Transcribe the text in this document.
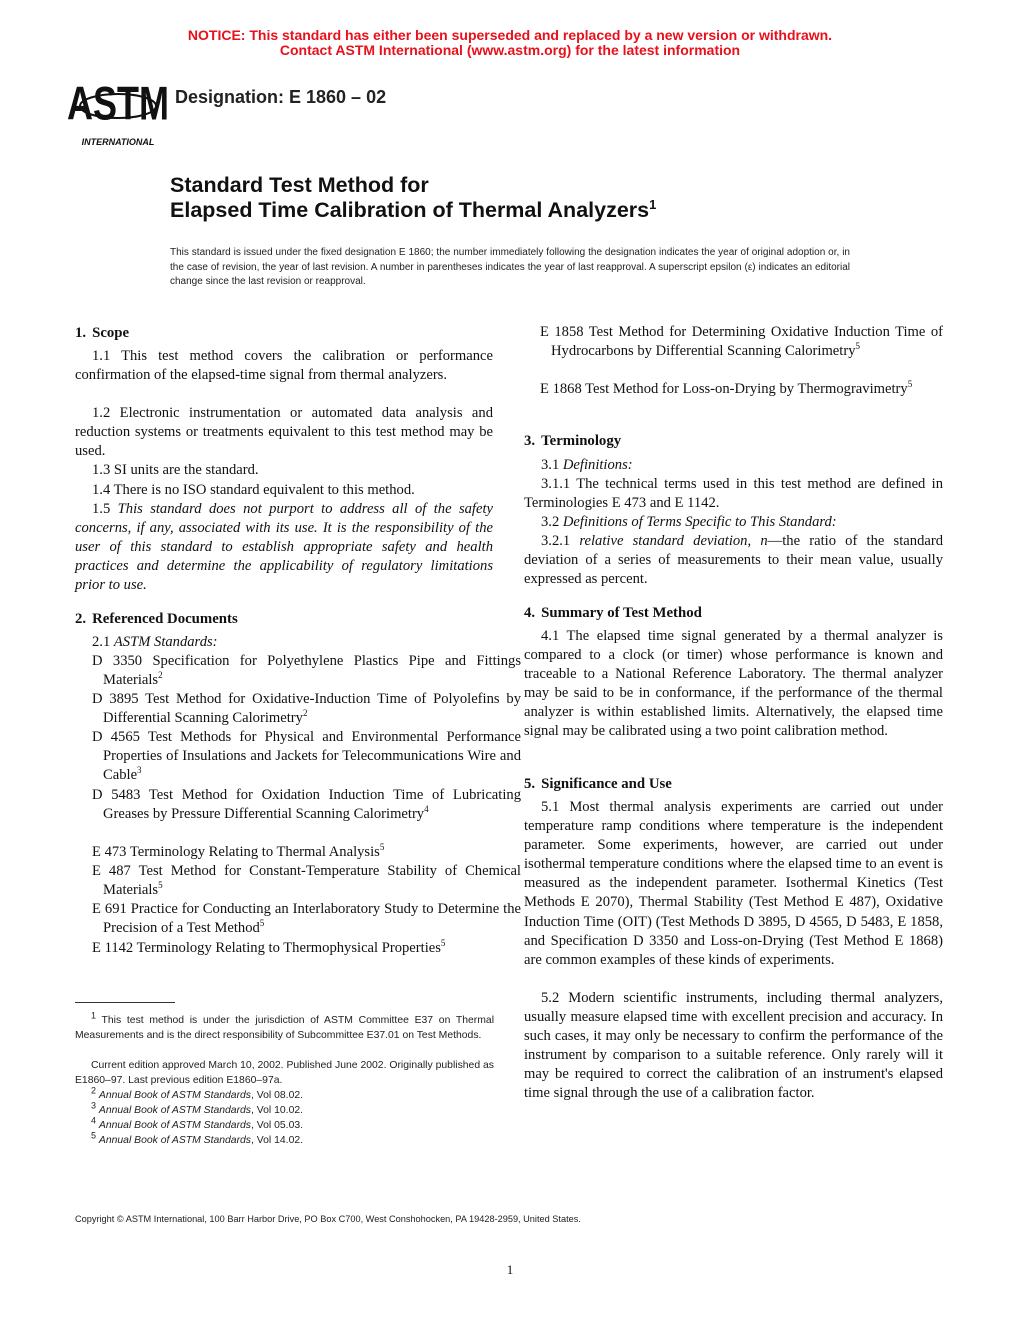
NOTICE: This standard has either been superseded and replaced by a new version or withdrawn.
Contact ASTM International (www.astm.org) for the latest information
ASTM
INTERNATIONAL
Designation: E 1860 – 02
Standard Test Method for
Elapsed Time Calibration of Thermal Analyzers$^1$
This standard is issued under the fixed designation E 1860; the number immediately following the designation indicates the year of original adoption or, in the case of revision, the year of last revision. A number in parentheses indicates the year of last reapproval. A superscript epsilon (ε) indicates an editorial change since the last revision or reapproval.
1. Scope
1.1 This test method covers the calibration or performance confirmation of the elapsed-time signal from thermal analyzers.
1.2 Electronic instrumentation or automated data analysis and reduction systems or treatments equivalent to this test method may be used.
1.3 SI units are the standard.
1.4 There is no ISO standard equivalent to this method.
1.5 This standard does not purport to address all of the safety concerns, if any, associated with its use. It is the responsibility of the user of this standard to establish appropriate safety and health practices and determine the applicability of regulatory limitations prior to use.
2. Referenced Documents
2.1 ASTM Standards:
D 3350 Specification for Polyethylene Plastics Pipe and Fittings Materials$^2$
D 3895 Test Method for Oxidative-Induction Time of Polyolefins by Differential Scanning Calorimetry$^2$
D 4565 Test Methods for Physical and Environmental Performance Properties of Insulations and Jackets for Telecommunications Wire and Cable$^3$
D 5483 Test Method for Oxidation Induction Time of Lubricating Greases by Pressure Differential Scanning Calorimetry$^4$
E 473 Terminology Relating to Thermal Analysis$^5$
E 487 Test Method for Constant-Temperature Stability of Chemical Materials$^5$
E 691 Practice for Conducting an Interlaboratory Study to Determine the Precision of a Test Method$^5$
E 1142 Terminology Relating to Thermophysical Properties$^5$
E 1858 Test Method for Determining Oxidative Induction Time of Hydrocarbons by Differential Scanning Calorimetry$^5$
E 1868 Test Method for Loss-on-Drying by Thermogravimetry$^5$
3. Terminology
3.1 Definitions:
3.1.1 The technical terms used in this test method are defined in Terminologies E 473 and E 1142.
3.2 Definitions of Terms Specific to This Standard:
3.2.1 relative standard deviation, n—the ratio of the standard deviation of a series of measurements to their mean value, usually expressed as percent.
4. Summary of Test Method
4.1 The elapsed time signal generated by a thermal analyzer is compared to a clock (or timer) whose performance is known and traceable to a National Reference Laboratory. The thermal analyzer may be said to be in conformance, if the performance of the thermal analyzer is within established limits. Alternatively, the elapsed time signal may be calibrated using a two point calibration method.
5. Significance and Use
5.1 Most thermal analysis experiments are carried out under temperature ramp conditions where temperature is the independent parameter. Some experiments, however, are carried out under isothermal temperature conditions where the elapsed time to an event is measured as the independent parameter. Isothermal Kinetics (Test Methods E 2070), Thermal Stability (Test Method E 487), Oxidative Induction Time (OIT) (Test Methods D 3895, D 4565, D 5483, E 1858, and Specification D 3350 and Loss-on-Drying (Test Method E 1868) are common examples of these kinds of experiments.
5.2 Modern scientific instruments, including thermal analyzers, usually measure elapsed time with excellent precision and accuracy. In such cases, it may only be necessary to confirm the performance of the instrument by comparison to a suitable reference. Only rarely will it may be required to correct the calibration of an instrument's elapsed time signal through the use of a calibration factor.
$^1$ This test method is under the jurisdiction of ASTM Committee E37 on Thermal Measurements and is the direct responsibility of Subcommittee E37.01 on Test Methods.
Current edition approved March 10, 2002. Published June 2002. Originally published as E1860–97. Last previous edition E1860–97a.
$^2$ Annual Book of ASTM Standards, Vol 08.02.
$^3$ Annual Book of ASTM Standards, Vol 10.02.
$^4$ Annual Book of ASTM Standards, Vol 05.03.
$^5$ Annual Book of ASTM Standards, Vol 14.02.
Copyright © ASTM International, 100 Barr Harbor Drive, PO Box C700, West Conshohocken, PA 19428-2959, United States.
1
